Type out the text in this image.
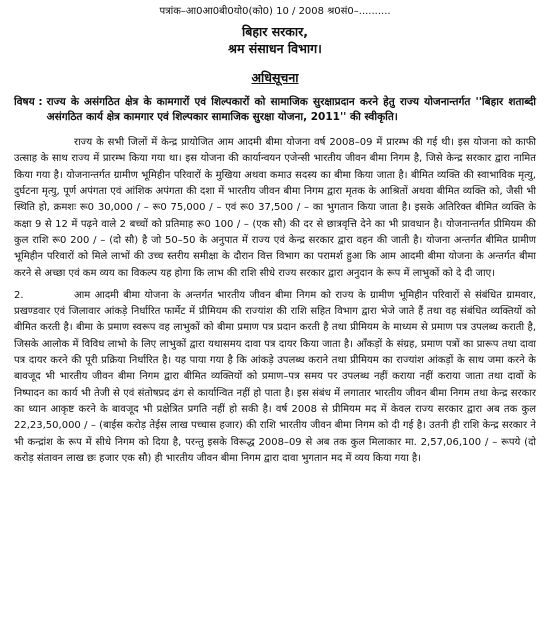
पत्रांक–आ0आ0बी0यो0(को0) 10 / 2008 श्र0सं0–..........
बिहार सरकार,
श्रम संसाधन विभाग।
अधिसूचना
विषय : राज्य के असंगठित क्षेत्र के कामगारों एवं शिल्पकारों को सामाजिक सुरक्षाप्रदान करने हेतु राज्य योजनान्तर्गत ''बिहार शताब्दी असंगठित कार्य क्षेत्र कामगार एवं शिल्पकार सामाजिक सुरक्षा योजना, 2011'' की स्वीकृति।

राज्य के सभी जिलों में केन्द्र प्रायोजित आम आदमी बीमा योजना वर्ष 2008–09 में प्रारम्भ की गई थी। इस योजना को काफी उत्साह के साथ राज्य में प्रारम्भ किया गया था। इस योजना की कार्यान्वयन एजेन्सी भारतीय जीवन बीमा निगम है, जिसे केन्द्र सरकार द्वारा नामित किया गया है। योजनान्तर्गत ग्रामीण भूमिहीन परिवारों के मुखिया अथवा कमाउ सदस्य का बीमा किया जाता है। बीमित व्यक्ति की स्वाभाविक मृत्यु, दुर्घटना मृत्यु, पूर्ण अपंगता एवं आंशिक अपंगता की दशा में भारतीय जीवन बीमा निगम द्वारा मृतक के आश्रितों अथवा बीमित व्यक्ति को, जैसी भी स्थिति हो, क्रमशः रू0 30,000 / – रू0 75,000 / – एवं रू0 37,500 / – का भुगतान किया जाता है। इसके अतिरिक्त बीमित व्यक्ति के कक्षा 9 से 12 में पढ़ने वाले 2 बच्चों को प्रतिमाह रू0 100 / – (एक सौ) की दर से छात्रवृत्ति देने का भी प्रावधान है। योजनान्तर्गत प्रीमियम की कुल राशि रू0 200 / – (दो सौ) है जो 50–50 के अनुपात में राज्य एवं केन्द्र सरकार द्वारा वहन की जाती है। योजना अन्तर्गत बीमित ग्रामीण भूमिहीन परिवारों को मिले लाभों की उच्च स्तरीय समीक्षा के दौरान वित्त विभाग का परामर्श हुआ कि आम आदमी बीमा योजना के अन्तर्गत बीमा करने से अच्छा एवं कम व्यय का विकल्प यह होगा कि लाभ की राशि सीधे राज्य सरकार द्वारा अनुदान के रूप में लाभुकों को दे दी जाए।

2.	आम आदमी बीमा योजना के अन्तर्गत भारतीय जीवन बीमा निगम को राज्य के ग्रामीण भूमिहीन परिवारों से संबंधित ग्रामवार, प्रखण्डवार एवं जिलावार आंकड़े निर्धारित फार्मेट में प्रीमियम की राज्यांश की राशि सहित विभाग द्वारा भेजे जाते हैं तथा वह संबंधित व्यक्तियों को बीमित करती है। बीमा के प्रमाण स्वरूप वह लाभुकों को बीमा प्रमाण पत्र प्रदान करती है तथा प्रीमियम के माध्यम से प्रमाण पत्र उपलब्ध कराती है, जिसके आलोक में विविध लाभो के लिए लाभुकों द्वारा यथासमय दावा पत्र दायर किया जाता है। आँकड़ों के संग्रह, प्रमाण पत्रों का प्रारूप तथा दावा पत्र दायर करने की पूरी प्रक्रिया निर्धारित है। यह पाया गया है कि आंकड़े उपलब्ध कराने तथा प्रीमियम का राज्यांश आंकड़ों के साथ जमा करने के बावजूद भी भारतीय जीवन बीमा निगम द्वारा बीमित व्यक्तियों को प्रमाण–पत्र समय पर उपलब्ध नहीं कराया नहीं कराया जाता तथा दावों के निष्पादन का कार्य भी तेजी से एवं संतोषप्रद ढंग से कार्यान्वित नहीं हो पाता है। इस संबंध में लगातार भारतीय जीवन बीमा निगम तथा केन्द्र सरकार का ध्यान आकृष्ट करने के बावजूद भी प्रक्षेत्रित प्रगति नहीं हो सकी है। वर्ष 2008 से प्रीमियम मद में केवल राज्य सरकार द्वारा अब तक कुल 22,23,50,000 / – (बाईस करोड़ तेईस लाख पच्चास हजार) की राशि भारतीय जीवन बीमा निगम को दी गई है। उतनी ही राशि केन्द्र सरकार ने भी कन्द्रांश के रूप में सीधे निगम को दिया है, परन्तु इसके विरूद्ध 2008–09 से अब तक कुल मिलाकार मा. 2,57,06,100 / – रूपये (दो करोड़ संतावन लाख छः हजार एक सौ) ही भारतीय जीवन बीमा निगम द्वारा दावा भुगतान मद में व्यय किया गया है।
